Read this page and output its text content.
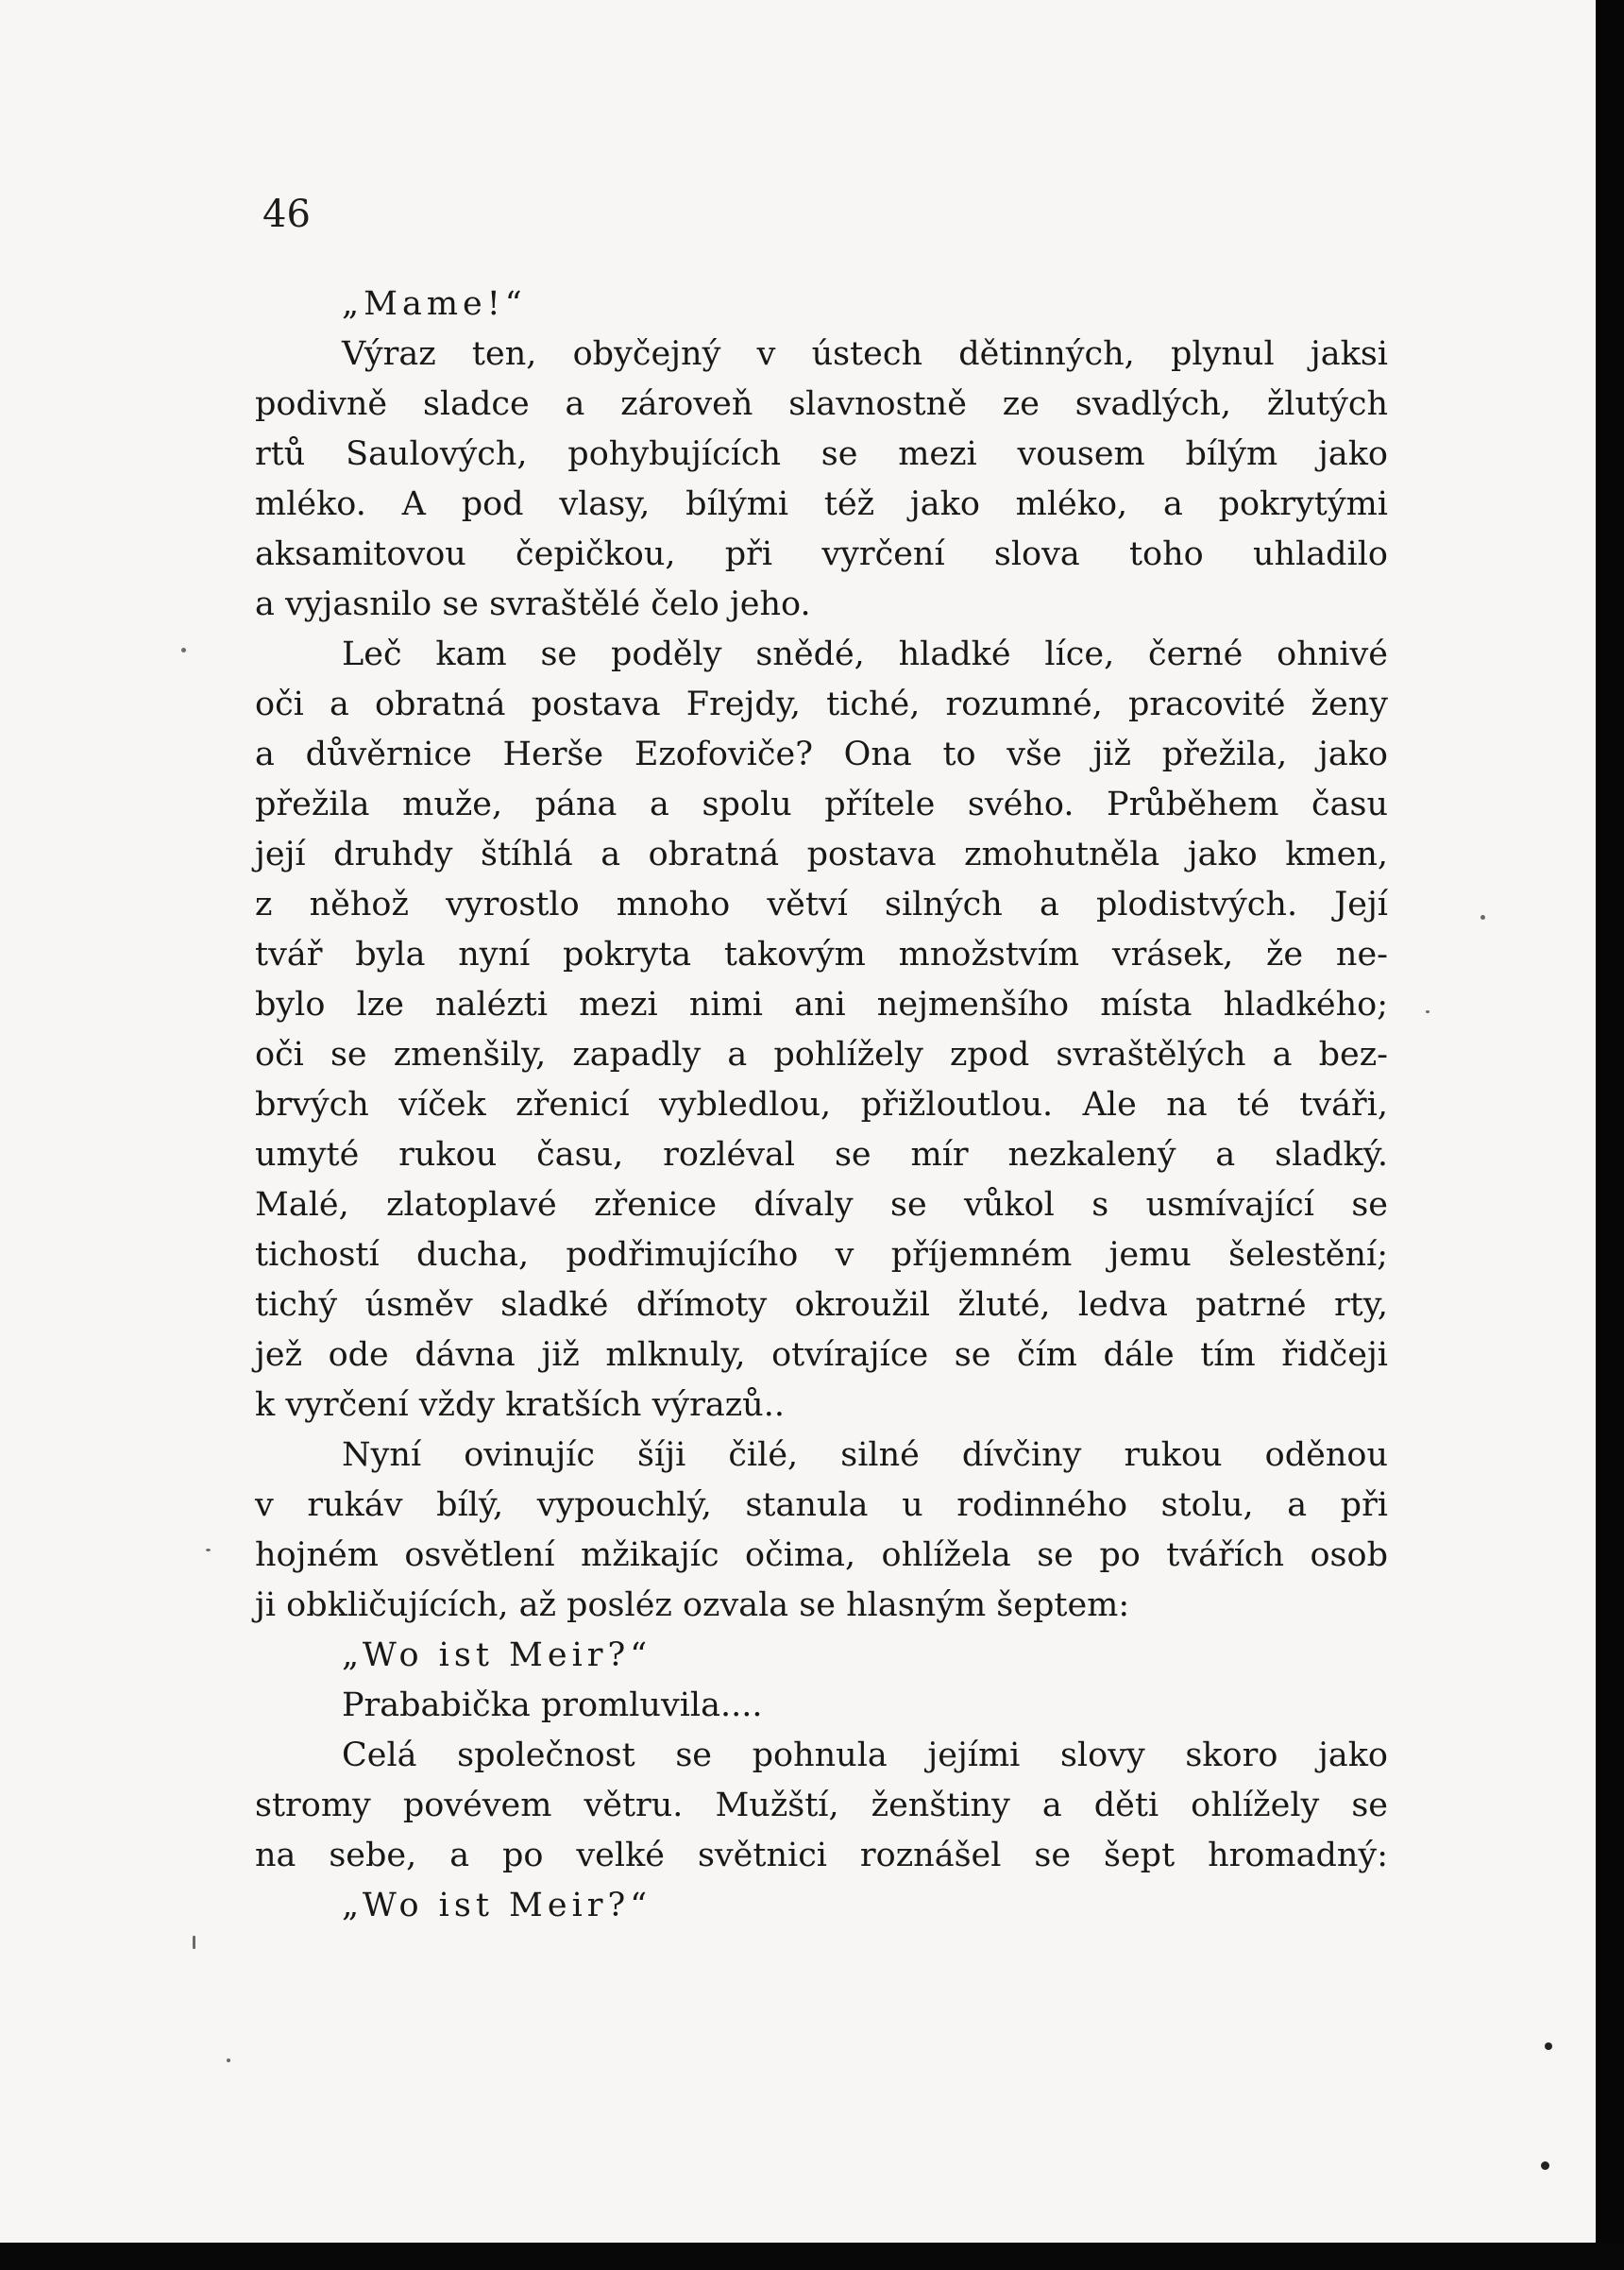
46
„Mame!“
Výraz ten, obyčejný v ústech dětinných, plynul jaksi
podivně sladce a zároveň slavnostně ze svadlých, žlutých
rtů Saulových, pohybujících se mezi vousem bílým jako
mléko. A pod vlasy, bílými též jako mléko, a pokrytými
aksamitovou čepičkou, při vyrčení slova toho uhladilo
a vyjasnilo se svraštělé čelo jeho.
Leč kam se poděly snědé, hladké líce, černé ohnivé
oči a obratná postava Frejdy, tiché, rozumné, pracovité ženy
a důvěrnice Herše Ezofoviče? Ona to vše již přežila, jako
přežila muže, pána a spolu přítele svého. Průběhem času
její druhdy štíhlá a obratná postava zmohutněla jako kmen,
z něhož vyrostlo mnoho větví silných a plodistvých. Její
tvář byla nyní pokryta takovým množstvím vrásek, že ne-
bylo lze nalézti mezi nimi ani nejmenšího místa hladkého;
oči se zmenšily, zapadly a pohlížely zpod svraštělých a bez-
brvých víček zřenicí vybledlou, přižloutlou. Ale na té tváři,
umyté rukou času, rozléval se mír nezkalený a sladký.
Malé, zlatoplavé zřenice dívaly se vůkol s usmívající se
tichostí ducha, podřimujícího v příjemném jemu šelestění;
tichý úsměv sladké dřímoty okroužil žluté, ledva patrné rty,
jež ode dávna již mlknuly, otvírajíce se čím dále tím řidčeji
k vyrčení vždy kratších výrazů..
Nyní ovinujíc šíji čilé, silné dívčiny rukou oděnou
v rukáv bílý, vypouchlý, stanula u rodinného stolu, a při
hojném osvětlení mžikajíc očima, ohlížela se po tvářích osob
ji obkličujících, až posléz ozvala se hlasným šeptem:
„Wo ist Meir?“
Prababička promluvila....
Celá společnost se pohnula jejími slovy skoro jako
stromy povévem větru. Mužští, ženštiny a děti ohlížely se
na sebe, a po velké světnici roznášel se šept hromadný:
„Wo ist Meir?“
